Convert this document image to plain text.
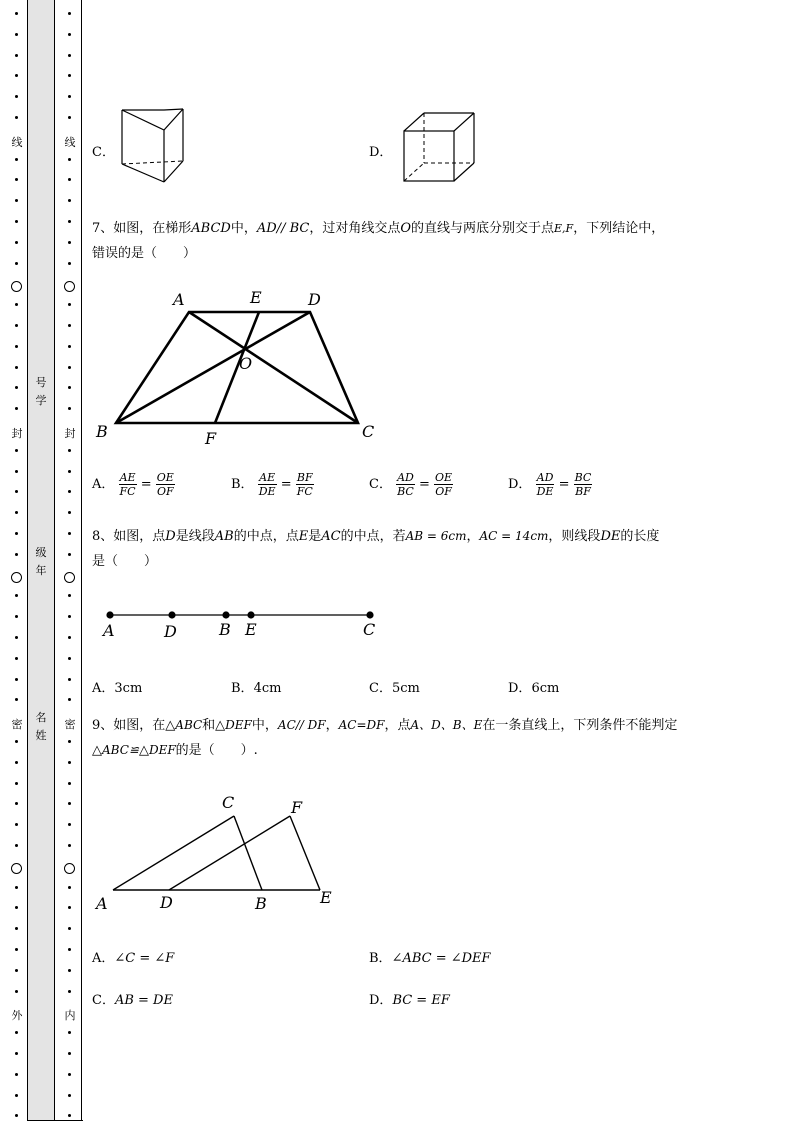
线
封
密
外
线
封
密
内
号
学
级
年
名
姓
C．	D．
7、如图，在梯形ABCD中，AD// BC，过对角线交点O的直线与两底分别交于点E,F，下列结论中，
错误的是（　　）
A	E	D
O
B	F	C
A． $\frac{AE}{FC} = \frac{OE}{OF}$	B． $\frac{AE}{DE} = \frac{BF}{FC}$	C． $\frac{AD}{BC} = \frac{OE}{OF}$	D． $\frac{AD}{DE} = \frac{BC}{BF}$
8、如图，点D是线段AB的中点，点E是AC的中点，若AB = 6cm，AC = 14cm，则线段DE的长度
是（　　）
A	D	B E	C
A．3cm	B．4cm	C．5cm	D．6cm
9、如图，在△ABC和△DEF中，AC// DF，AC=DF，点A、D、B、E在一条直线上，下列条件不能判定
△ABC≌△DEF的是（　　）.
C	F
A	D	B	E
A．∠C = ∠F	B．∠ABC = ∠DEF
C．AB = DE	D．BC = EF
